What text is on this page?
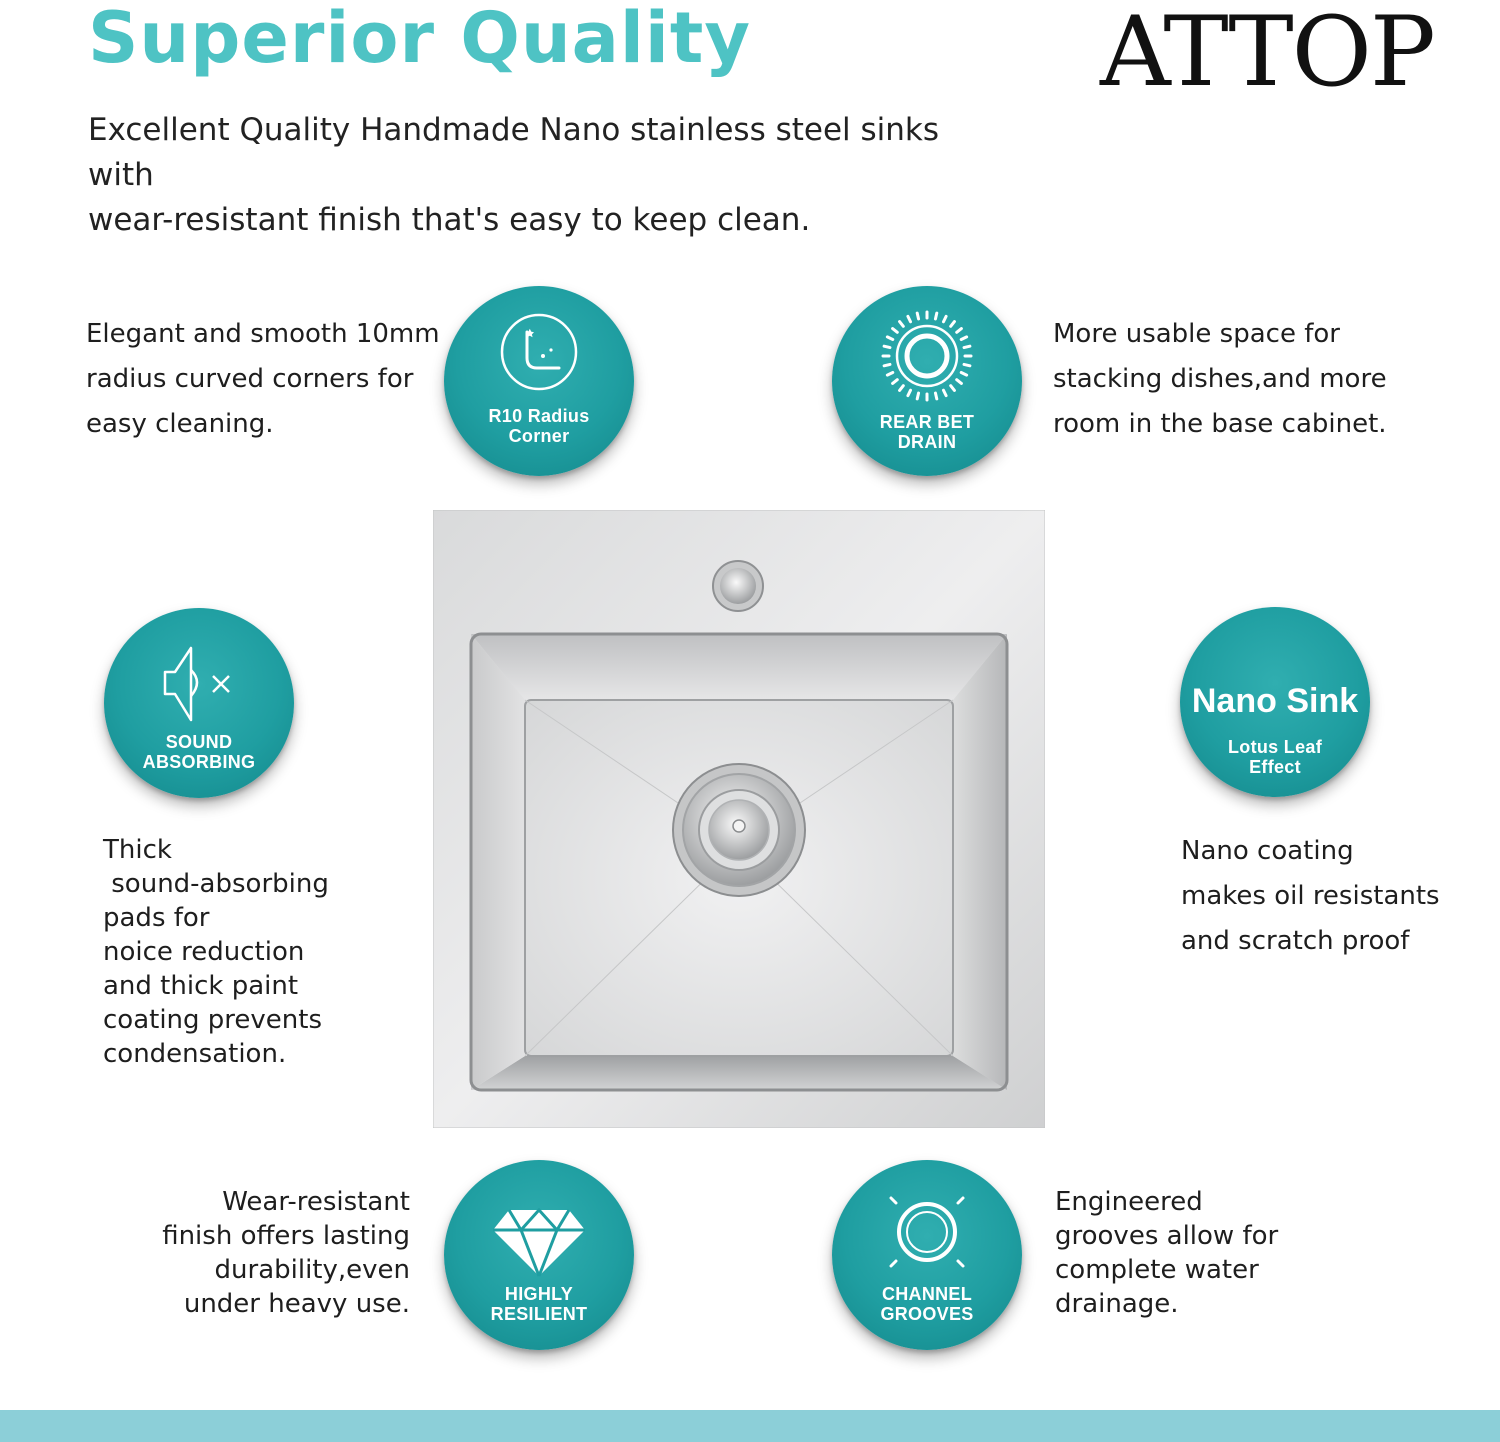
Superior Quality	ATTOP
Excellent Quality Handmade Nano stainless steel sinks with
wear-resistant finish that's easy to keep clean.

Elegant and smooth 10mm

radius curved corners for

easy cleaning.	R10 Radius
Corner
REAR BET
DRAIN

More usable space for

stacking dishes,and more

room in the base cabinet.

SOUND
ABSORBING

Thick

sound-absorbing

pads for

noice reduction

and thick paint

coating prevents

condensation.

Nano Sink
Lotus Leaf
Effect

Nano coating

makes oil resistants

and scratch proof

Wear-resistant

finish offers lasting

durability,even

under heavy use.	HIGHLY
RESILIENT
CHANNEL
GROOVES

Engineered

grooves allow for

complete water

drainage.
